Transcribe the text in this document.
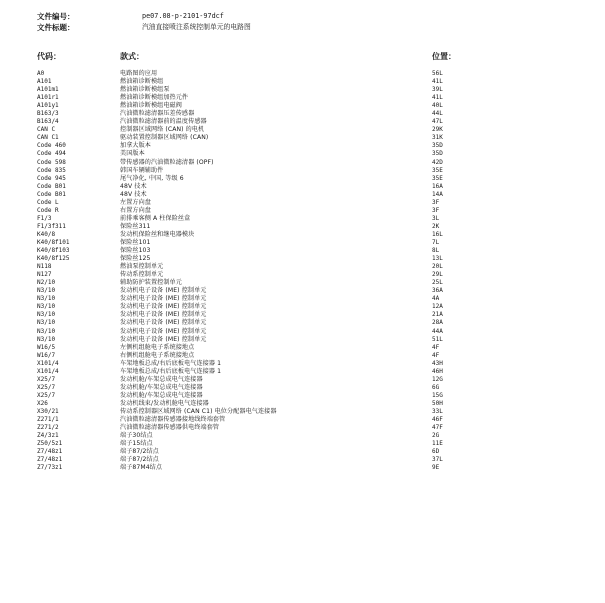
文件编号：	pe07.08-p-2101-97dcf
文件标题：	汽油直接喷注系统控制单元的电路图
代码：	款式：	位置：
A0	电路图的应用	56L
A101	燃油箱诊断模组	41L
A101m1	燃油箱诊断模组泵	39L
A101r1	燃油箱诊断模组加热元件	41L
A101y1	燃油箱诊断模组电磁阀	40L
B163/3	汽油微粒滤清器压差传感器	44L
B163/4	汽油微粒滤清器前的温度传感器	47L
CAN C	控制器区域网络 (CAN) 的电机	29K
CAN C1	驱动装置控制器区域网络 (CAN)	31K
Code 460	加拿大版本	35D
Code 494	美国版本	35D
Code 598	带传感器的汽油微粒滤清器 (OPF)	42D
Code 835	韩国车辆辅助件	35E
Code 945	尾气净化, 中国, 等级 6	35E
Code B01	48V 技术	16A
Code B01	48V 技术	14A
Code L	左置方向盘	3F
Code R	右置方向盘	3F
F1/3	前排乘客侧 A 柱保险丝盒	3L
F1/3f311	保险丝311	2K
K40/8	发动机保险丝和继电器模块	16L
K40/8f101	保险丝101	7L
K40/8f103	保险丝103	8L
K40/8f125	保险丝125	13L
N118	燃油泵控制单元	20L
N127	传动系控制单元	29L
N2/10	辅助防护装置控制单元	25L
N3/10	发动机电子设备 (ME) 控制单元	36A
N3/10	发动机电子设备 (ME) 控制单元	4A
N3/10	发动机电子设备 (ME) 控制单元	12A
N3/10	发动机电子设备 (ME) 控制单元	21A
N3/10	发动机电子设备 (ME) 控制单元	28A
N3/10	发动机电子设备 (ME) 控制单元	44A
N3/10	发动机电子设备 (ME) 控制单元	51L
W16/5	左侧机组舱电子系统接地点	4F
W16/7	右侧机组舱电子系统接地点	4F
X101/4	车架地板总成/右后底板电气连接器 1	43H
X101/4	车架地板总成/右后底板电气连接器 1	46H
X25/7	发动机舱/车架总成电气连接器	12G
X25/7	发动机舱/车架总成电气连接器	6G
X25/7	发动机舱/车架总成电气连接器	15G
X26	发动机线束/发动机舱电气连接器	50H
X30/21	传动系控制器区域网络 (CAN C1) 电位分配器电气连接器	33L
Z271/1	汽油微粒滤清器传感器接地线终端套管	46F
Z271/2	汽油微粒滤清器传感器供电终端套管	47F
Z4/3z1	端子30结点	2G
Z50/5z1	端子15结点	11E
Z7/48z1	端子87/2结点	6D
Z7/48z1	端子87/2结点	37L
Z7/73z1	端子87M4结点	9E
